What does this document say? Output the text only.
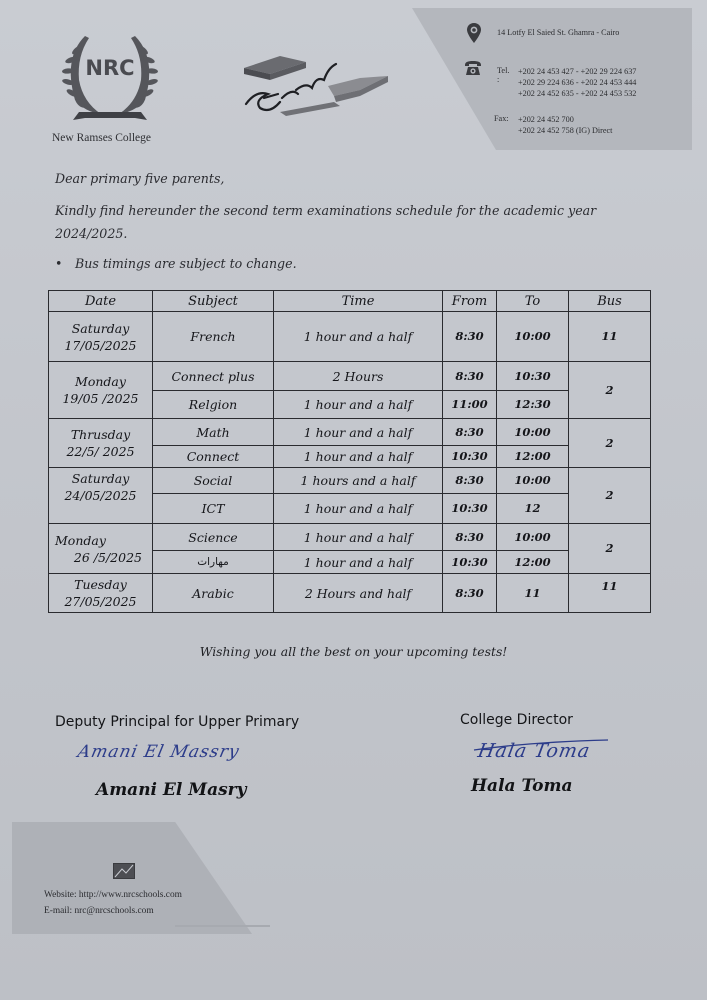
14 Lotfy El Saied St. Ghamra - Cairo
Tel. :
+202 24 453 427 - +202 29 224 637
+202 29 224 636 - +202 24 453 444
+202 24 452 635 - +202 24 453 532
Fax: +202 24 452 700
+202 24 452 758 (IG) Direct
NRC
New Ramses College
Dear primary five parents,
Kindly find hereunder the second term examinations schedule for the academic year 2024/2025.
• Bus timings are subject to change.
Date	Subject	Time	From	To	Bus

Saturday
17/05/2025	French	1 hour and a half	8:30	10:00	11

Monday
19/05 /2025	Connect plus	2 Hours	8:30	10:30	2
	Relgion	1 hour and a half	11:00	12:30	

Thrusday
22/5/ 2025	Math	1 hour and a half	8:30	10:00	2
	Connect	1 hour and a half	10:30	12:00	

Saturday
24/05/2025	Social	1 hours and a half	8:30	10:00	2
	ICT	1 hour and a half	10:30	12	

Monday
26 /5/2025	Science	1 hour and a half	8:30	10:00	2
	مهارات	1 hour and a half	10:30	12:00	

Tuesday
27/05/2025	Arabic	2 Hours and half	8:30	11	11
Wishing you all the best on your upcoming tests!
Deputy Principal for Upper Primary
Amani El Massry
Amani El Masry
College Director
Hala Toma
Hala Toma
Website: http://www.nrcschools.com
E-mail: nrc@nrcschools.com
